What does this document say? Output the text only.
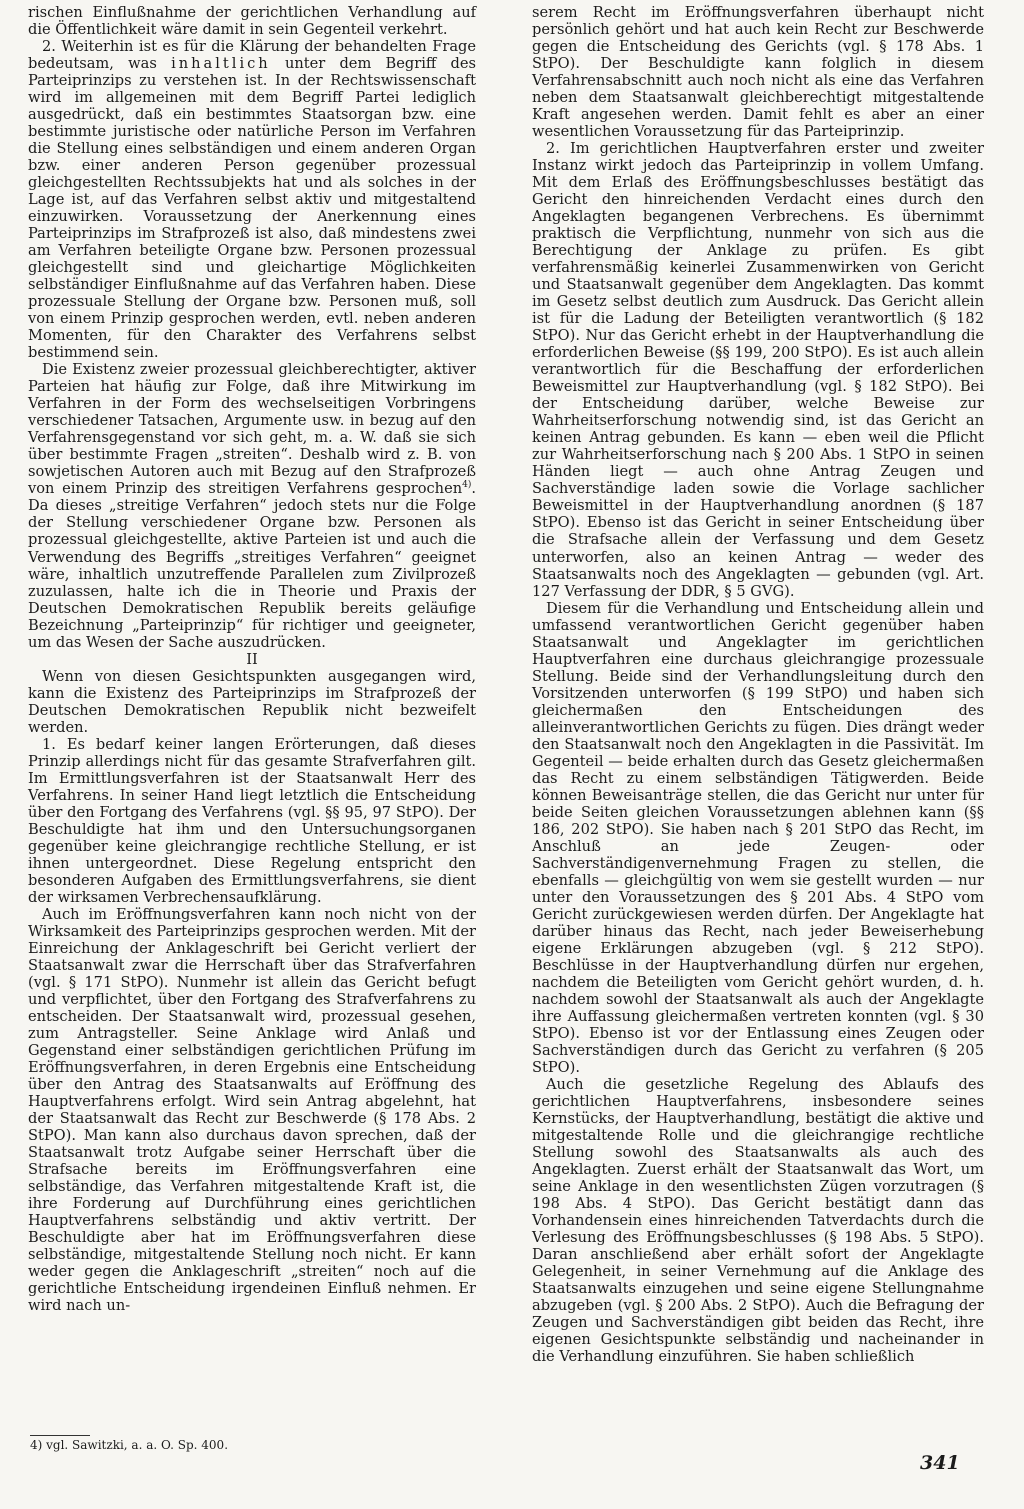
rischen Einflußnahme der gerichtlichen Verhandlung auf die Öffentlichkeit wäre damit in sein Gegenteil verkehrt.

2. Weiterhin ist es für die Klärung der behandelten Frage bedeutsam, was inhaltlich unter dem Begriff des Parteiprinzips zu verstehen ist. In der Rechtswissenschaft wird im allgemeinen mit dem Begriff Partei lediglich ausgedrückt, daß ein bestimmtes Staatsorgan bzw. eine bestimmte juristische oder natürliche Person im Verfahren die Stellung eines selbständigen und einem anderen Organ bzw. einer anderen Person gegenüber prozessual gleichgestellten Rechtssubjekts hat und als solches in der Lage ist, auf das Verfahren selbst aktiv und mitgestaltend einzuwirken. Voraussetzung der Anerkennung eines Parteiprinzips im Strafprozeß ist also, daß mindestens zwei am Verfahren beteiligte Organe bzw. Personen prozessual gleichgestellt sind und gleichartige Möglichkeiten selbständiger Einflußnahme auf das Verfahren haben. Diese prozessuale Stellung der Organe bzw. Personen muß, soll von einem Prinzip gesprochen werden, evtl. neben anderen Momenten, für den Charakter des Verfahrens selbst bestimmend sein.

Die Existenz zweier prozessual gleichberechtigter, aktiver Parteien hat häufig zur Folge, daß ihre Mitwirkung im Verfahren in der Form des wechselseitigen Vorbringens verschiedener Tatsachen, Argumente usw. in bezug auf den Verfahrensgegenstand vor sich geht, m. a. W. daß sie sich über bestimmte Fragen „streiten“. Deshalb wird z. B. von sowjetischen Autoren auch mit Bezug auf den Strafprozeß von einem Prinzip des streitigen Verfahrens gesprochen$^{4)}$. Da dieses „streitige Verfahren“ jedoch stets nur die Folge der Stellung verschiedener Organe bzw. Personen als prozessual gleichgestellte, aktive Parteien ist und auch die Verwendung des Begriffs „streitiges Verfahren“ geeignet wäre, inhaltlich unzutreffende Parallelen zum Zivilprozeß zuzulassen, halte ich die in Theorie und Praxis der Deutschen Demokratischen Republik bereits geläufige Bezeichnung „Parteiprinzip“ für richtiger und geeigneter, um das Wesen der Sache auszudrücken.

II

Wenn von diesen Gesichtspunkten ausgegangen wird, kann die Existenz des Parteiprinzips im Strafprozeß der Deutschen Demokratischen Republik nicht bezweifelt werden.

1. Es bedarf keiner langen Erörterungen, daß dieses Prinzip allerdings nicht für das gesamte Strafverfahren gilt. Im Ermittlungsverfahren ist der Staatsanwalt Herr des Verfahrens. In seiner Hand liegt letztlich die Entscheidung über den Fortgang des Verfahrens (vgl. §§ 95, 97 StPO). Der Beschuldigte hat ihm und den Untersuchungsorganen gegenüber keine gleichrangige rechtliche Stellung, er ist ihnen untergeordnet. Diese Regelung entspricht den besonderen Aufgaben des Ermittlungsverfahrens, sie dient der wirksamen Verbrechensaufklärung.

Auch im Eröffnungsverfahren kann noch nicht von der Wirksamkeit des Parteiprinzips gesprochen werden. Mit der Einreichung der Anklageschrift bei Gericht verliert der Staatsanwalt zwar die Herrschaft über das Strafverfahren (vgl. § 171 StPO). Nunmehr ist allein das Gericht befugt und verpflichtet, über den Fortgang des Strafverfahrens zu entscheiden. Der Staatsanwalt wird, prozessual gesehen, zum Antragsteller. Seine Anklage wird Anlaß und Gegenstand einer selbständigen gerichtlichen Prüfung im Eröffnungsverfahren, in deren Ergebnis eine Entscheidung über den Antrag des Staatsanwalts auf Eröffnung des Hauptverfahrens erfolgt. Wird sein Antrag abgelehnt, hat der Staatsanwalt das Recht zur Beschwerde (§ 178 Abs. 2 StPO). Man kann also durchaus davon sprechen, daß der Staatsanwalt trotz Aufgabe seiner Herrschaft über die Strafsache bereits im Eröffnungsverfahren eine selbständige, das Verfahren mitgestaltende Kraft ist, die ihre Forderung auf Durchführung eines gerichtlichen Hauptverfahrens selbständig und aktiv vertritt. Der Beschuldigte aber hat im Eröffnungsverfahren diese selbständige, mitgestaltende Stellung noch nicht. Er kann weder gegen die Anklageschrift „streiten“ noch auf die gerichtliche Entscheidung irgendeinen Einfluß nehmen. Er wird nach un-

serem Recht im Eröffnungsverfahren überhaupt nicht persönlich gehört und hat auch kein Recht zur Beschwerde gegen die Entscheidung des Gerichts (vgl. § 178 Abs. 1 StPO). Der Beschuldigte kann folglich in diesem Verfahrensabschnitt auch noch nicht als eine das Verfahren neben dem Staatsanwalt gleichberechtigt mitgestaltende Kraft angesehen werden. Damit fehlt es aber an einer wesentlichen Voraussetzung für das Parteiprinzip.

2. Im gerichtlichen Hauptverfahren erster und zweiter Instanz wirkt jedoch das Parteiprinzip in vollem Umfang. Mit dem Erlaß des Eröffnungsbeschlusses bestätigt das Gericht den hinreichenden Verdacht eines durch den Angeklagten begangenen Verbrechens. Es übernimmt praktisch die Verpflichtung, nunmehr von sich aus die Berechtigung der Anklage zu prüfen. Es gibt verfahrensmäßig keinerlei Zusammenwirken von Gericht und Staatsanwalt gegenüber dem Angeklagten. Das kommt im Gesetz selbst deutlich zum Ausdruck. Das Gericht allein ist für die Ladung der Beteiligten verantwortlich (§ 182 StPO). Nur das Gericht erhebt in der Hauptverhandlung die erforderlichen Beweise (§§ 199, 200 StPO). Es ist auch allein verantwortlich für die Beschaffung der erforderlichen Beweismittel zur Hauptverhandlung (vgl. § 182 StPO). Bei der Entscheidung darüber, welche Beweise zur Wahrheitserforschung notwendig sind, ist das Gericht an keinen Antrag gebunden. Es kann — eben weil die Pflicht zur Wahrheitserforschung nach § 200 Abs. 1 StPO in seinen Händen liegt — auch ohne Antrag Zeugen und Sachverständige laden sowie die Vorlage sachlicher Beweismittel in der Hauptverhandlung anordnen (§ 187 StPO). Ebenso ist das Gericht in seiner Entscheidung über die Strafsache allein der Verfassung und dem Gesetz unterworfen, also an keinen Antrag — weder des Staatsanwalts noch des Angeklagten — gebunden (vgl. Art. 127 Verfassung der DDR, § 5 GVG).

Diesem für die Verhandlung und Entscheidung allein und umfassend verantwortlichen Gericht gegenüber haben Staatsanwalt und Angeklagter im gerichtlichen Hauptverfahren eine durchaus gleichrangige prozessuale Stellung. Beide sind der Verhandlungsleitung durch den Vorsitzenden unterworfen (§ 199 StPO) und haben sich gleichermaßen den Entscheidungen des alleinverantwortlichen Gerichts zu fügen. Dies drängt weder den Staatsanwalt noch den Angeklagten in die Passivität. Im Gegenteil — beide erhalten durch das Gesetz gleichermaßen das Recht zu einem selbständigen Tätigwerden. Beide können Beweisanträge stellen, die das Gericht nur unter für beide Seiten gleichen Voraussetzungen ablehnen kann (§§ 186, 202 StPO). Sie haben nach § 201 StPO das Recht, im Anschluß an jede Zeugen- oder Sachverständigenvernehmung Fragen zu stellen, die ebenfalls — gleichgültig von wem sie gestellt wurden — nur unter den Voraussetzungen des § 201 Abs. 4 StPO vom Gericht zurückgewiesen werden dürfen. Der Angeklagte hat darüber hinaus das Recht, nach jeder Beweiserhebung eigene Erklärungen abzugeben (vgl. § 212 StPO). Beschlüsse in der Hauptverhandlung dürfen nur ergehen, nachdem die Beteiligten vom Gericht gehört wurden, d. h. nachdem sowohl der Staatsanwalt als auch der Angeklagte ihre Auffassung gleichermaßen vertreten konnten (vgl. § 30 StPO). Ebenso ist vor der Entlassung eines Zeugen oder Sachverständigen durch das Gericht zu verfahren (§ 205 StPO).

Auch die gesetzliche Regelung des Ablaufs des gerichtlichen Hauptverfahrens, insbesondere seines Kernstücks, der Hauptverhandlung, bestätigt die aktive und mitgestaltende Rolle und die gleichrangige rechtliche Stellung sowohl des Staatsanwalts als auch des Angeklagten. Zuerst erhält der Staatsanwalt das Wort, um seine Anklage in den wesentlichsten Zügen vorzutragen (§ 198 Abs. 4 StPO). Das Gericht bestätigt dann das Vorhandensein eines hinreichenden Tatverdachts durch die Verlesung des Eröffnungsbeschlusses (§ 198 Abs. 5 StPO). Daran anschließend aber erhält sofort der Angeklagte Gelegenheit, in seiner Vernehmung auf die Anklage des Staatsanwalts einzugehen und seine eigene Stellungnahme abzugeben (vgl. § 200 Abs. 2 StPO). Auch die Befragung der Zeugen und Sachverständigen gibt beiden das Recht, ihre eigenen Gesichtspunkte selbständig und nacheinander in die Verhandlung einzuführen. Sie haben schließlich

4) vgl. Sawitzki, a. a. O. Sp. 400.
341
